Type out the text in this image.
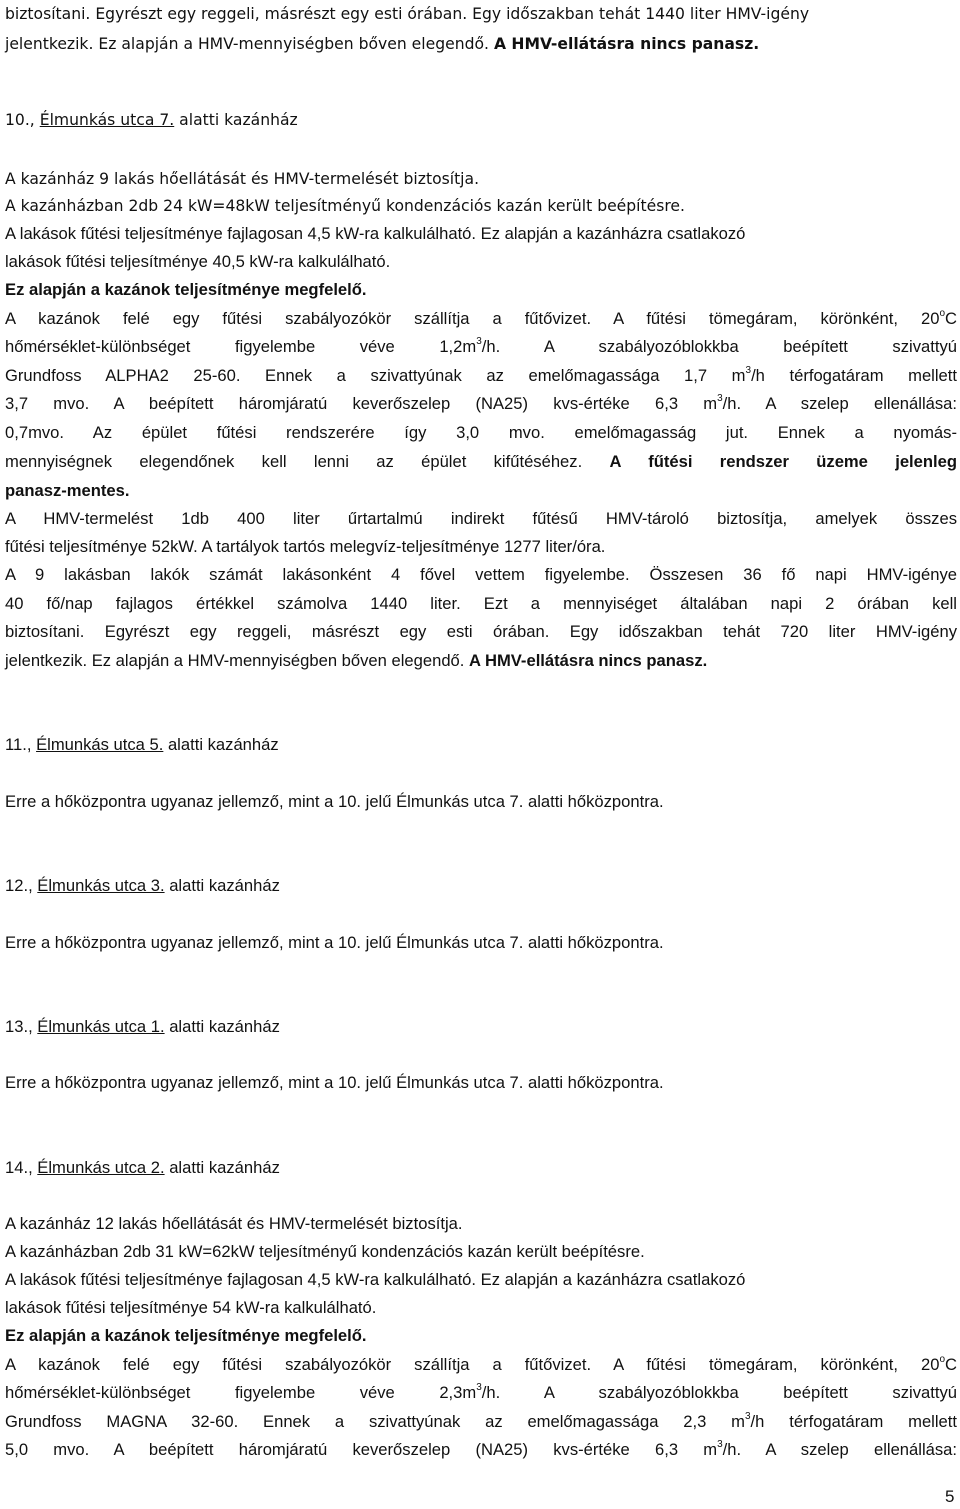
biztosítani. Egyrészt egy reggeli, másrészt egy esti órában. Egy időszakban tehát 1440 liter HMV-igény
jelentkezik. Ez alapján a HMV-mennyiségben bőven elegendő. A HMV-ellátásra nincs panasz.
10., Élmunkás utca 7. alatti kazánház
A kazánház 9 lakás hőellátását és HMV-termelését biztosítja.
A kazánházban 2db 24 kW=48kW teljesítményű kondenzációs kazán került beépítésre.
A lakások fűtési teljesítménye fajlagosan 4,5 kW-ra kalkulálható. Ez alapján a kazánházra csatlakozó
lakások fűtési teljesítménye 40,5 kW-ra kalkulálható.
Ez alapján a kazánok teljesítménye megfelelő.
A kazánok felé egy fűtési szabályozókör szállítja a fűtővizet. A fűtési tömegáram, körönként, 20$^o$C
hőmérséklet-különbséget figyelembe véve $1,2m^3/h$. A szabályozóblokkba beépített szivattyú
Grundfoss ALPHA2 25-60. Ennek a szivattyúnak az emelőmagassága 1,7 $m^3/h$ térfogatáram mellett
3,7 mvo. A beépített háromjáratú keverőszelep (NA25) kvs-értéke 6,3 $m^3/h$. A szelep ellenállása:
0,7mvo. Az épület fűtési rendszerére így 3,0 mvo. emelőmagasság jut. Ennek a nyomás-
mennyiségnek elegendőnek kell lenni az épület kifűtéséhez. A fűtési rendszer üzeme jelenleg
panasz-mentes.
A HMV-termelést 1db 400 liter űrtartalmú indirekt fűtésű HMV-tároló biztosítja, amelyek összes
fűtési teljesítménye 52kW. A tartályok tartós melegvíz-teljesítménye 1277 liter/óra.
A 9 lakásban lakók számát lakásonként 4 fővel vettem figyelembe. Összesen 36 fő napi HMV-igénye
40 fő/nap fajlagos értékkel számolva 1440 liter. Ezt a mennyiséget általában napi 2 órában kell
biztosítani. Egyrészt egy reggeli, másrészt egy esti órában. Egy időszakban tehát 720 liter HMV-igény
jelentkezik. Ez alapján a HMV-mennyiségben bőven elegendő. A HMV-ellátásra nincs panasz.
11., Élmunkás utca 5. alatti kazánház
Erre a hőközpontra ugyanaz jellemző, mint a 10. jelű Élmunkás utca 7. alatti hőközpontra.
12., Élmunkás utca 3. alatti kazánház
Erre a hőközpontra ugyanaz jellemző, mint a 10. jelű Élmunkás utca 7. alatti hőközpontra.
13., Élmunkás utca 1. alatti kazánház
Erre a hőközpontra ugyanaz jellemző, mint a 10. jelű Élmunkás utca 7. alatti hőközpontra.
14., Élmunkás utca 2. alatti kazánház
A kazánház 12 lakás hőellátását és HMV-termelését biztosítja.
A kazánházban 2db 31 kW=62kW teljesítményű kondenzációs kazán került beépítésre.
A lakások fűtési teljesítménye fajlagosan 4,5 kW-ra kalkulálható. Ez alapján a kazánházra csatlakozó
lakások fűtési teljesítménye 54 kW-ra kalkulálható.
Ez alapján a kazánok teljesítménye megfelelő.
A kazánok felé egy fűtési szabályozókör szállítja a fűtővizet. A fűtési tömegáram, körönként, 20$^o$C
hőmérséklet-különbséget figyelembe véve $2,3m^3/h$. A szabályozóblokkba beépített szivattyú
Grundfoss MAGNA 32-60. Ennek a szivattyúnak az emelőmagassága 2,3 $m^3/h$ térfogatáram mellett
5,0 mvo. A beépített háromjáratú keverőszelep (NA25) kvs-értéke 6,3 $m^3/h$. A szelep ellenállása:
5
